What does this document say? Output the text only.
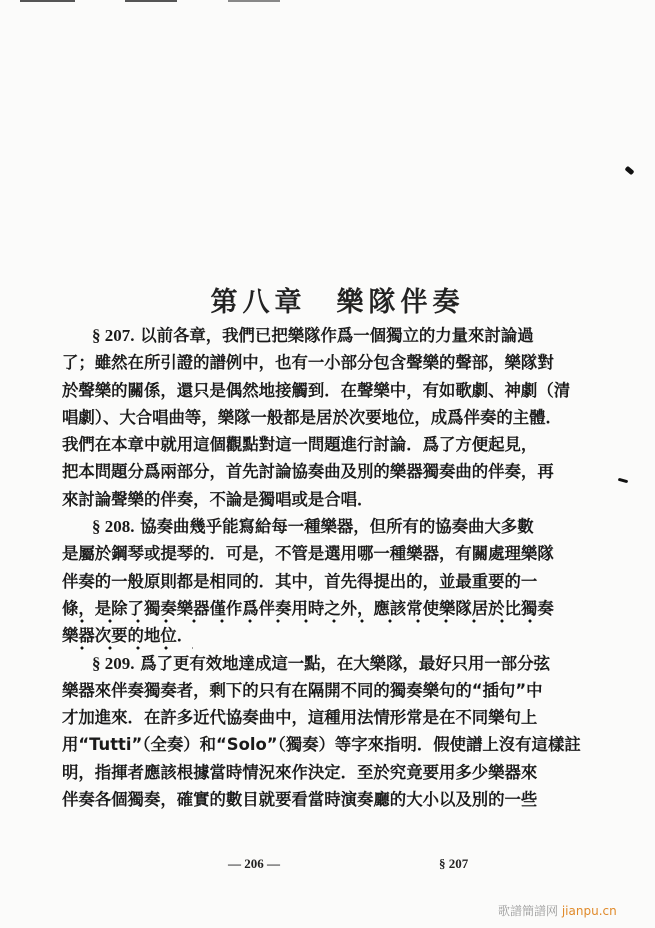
第八章 樂隊伴奏
§ 207. 以前各章，我們已把樂隊作爲一個獨立的力量來討論過
了；雖然在所引證的譜例中，也有一小部分包含聲樂的聲部，樂隊對
於聲樂的關係，還只是偶然地接觸到．在聲樂中，有如歌劇、神劇（清
唱劇）、大合唱曲等，樂隊一般都是居於次要地位，成爲伴奏的主體．
我們在本章中就用這個觀點對這一問題進行討論．爲了方便起見，
把本問題分爲兩部分，首先討論協奏曲及別的樂器獨奏曲的伴奏，再
來討論聲樂的伴奏，不論是獨唱或是合唱．
§ 208. 協奏曲幾乎能寫給每一種樂器，但所有的協奏曲大多數
是屬於鋼琴或提琴的．可是，不管是選用哪一種樂器，有關處理樂隊
伴奏的一般原則都是相同的．其中，首先得提出的，並最重要的一
條，是除了獨奏樂器僅作爲伴奏用時之外，應該常使樂隊居於比獨奏
樂器次要的地位．
§ 209. 爲了更有效地達成這一點，在大樂隊，最好只用一部分弦
樂器來伴奏獨奏者，剩下的只有在隔開不同的獨奏樂句的“插句”中
才加進來．在許多近代協奏曲中，這種用法情形常是在不同樂句上
用“Tutti”（全奏）和“Solo”（獨奏）等字來指明．假使譜上沒有這樣註
明，指揮者應該根據當時情況來作決定．至於究竟要用多少樂器來
伴奏各個獨奏，確實的數目就要看當時演奏廳的大小以及別的一些
— 206 —	§ 207
歌譜簡譜网 jianpu.cn
